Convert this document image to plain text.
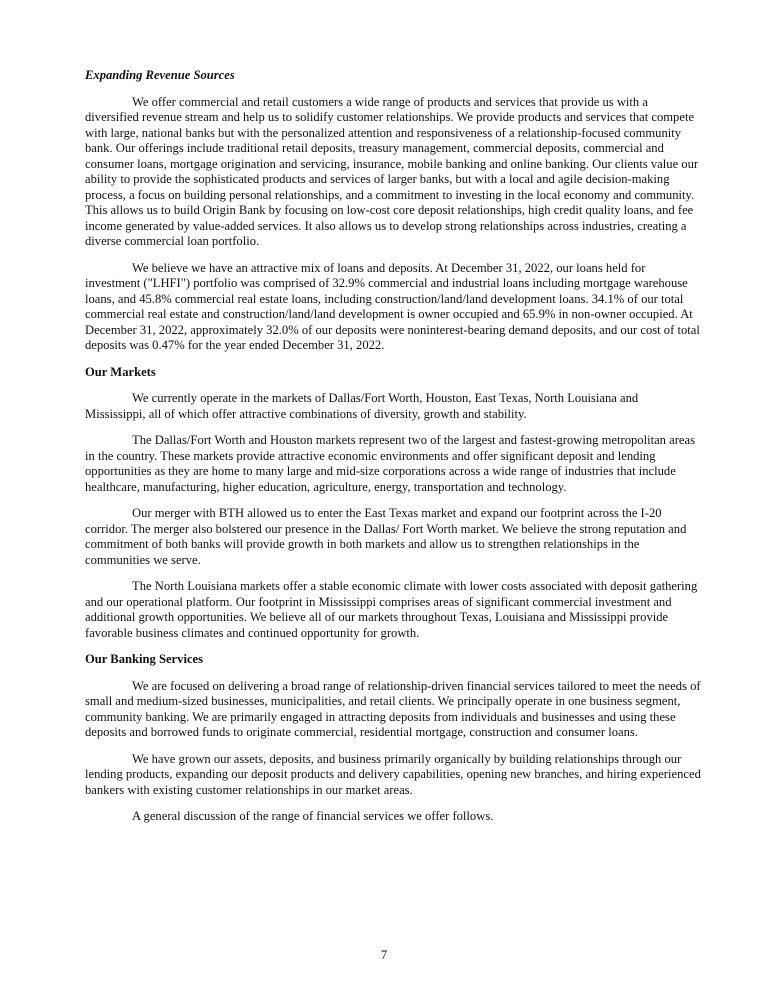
Expanding Revenue Sources

We offer commercial and retail customers a wide range of products and services that provide us with a diversified revenue stream and help us to solidify customer relationships. We provide products and services that compete with large, national banks but with the personalized attention and responsiveness of a relationship-focused community bank. Our offerings include traditional retail deposits, treasury management, commercial deposits, commercial and consumer loans, mortgage origination and servicing, insurance, mobile banking and online banking. Our clients value our ability to provide the sophisticated products and services of larger banks, but with a local and agile decision-making process, a focus on building personal relationships, and a commitment to investing in the local economy and community. This allows us to build Origin Bank by focusing on low-cost core deposit relationships, high credit quality loans, and fee income generated by value-added services. It also allows us to develop strong relationships across industries, creating a diverse commercial loan portfolio.

We believe we have an attractive mix of loans and deposits. At December 31, 2022, our loans held for investment ("LHFI") portfolio was comprised of 32.9% commercial and industrial loans including mortgage warehouse loans, and 45.8% commercial real estate loans, including construction/land/land development loans. 34.1% of our total commercial real estate and construction/land/land development is owner occupied and 65.9% in non-owner occupied. At December 31, 2022, approximately 32.0% of our deposits were noninterest-bearing demand deposits, and our cost of total deposits was 0.47% for the year ended December 31, 2022.

Our Markets

We currently operate in the markets of Dallas/Fort Worth, Houston, East Texas, North Louisiana and Mississippi, all of which offer attractive combinations of diversity, growth and stability.

The Dallas/Fort Worth and Houston markets represent two of the largest and fastest-growing metropolitan areas in the country. These markets provide attractive economic environments and offer significant deposit and lending opportunities as they are home to many large and mid-size corporations across a wide range of industries that include healthcare, manufacturing, higher education, agriculture, energy, transportation and technology.

Our merger with BTH allowed us to enter the East Texas market and expand our footprint across the I-20 corridor. The merger also bolstered our presence in the Dallas/ Fort Worth market. We believe the strong reputation and commitment of both banks will provide growth in both markets and allow us to strengthen relationships in the communities we serve.

The North Louisiana markets offer a stable economic climate with lower costs associated with deposit gathering and our operational platform. Our footprint in Mississippi comprises areas of significant commercial investment and additional growth opportunities. We believe all of our markets throughout Texas, Louisiana and Mississippi provide favorable business climates and continued opportunity for growth.

Our Banking Services

We are focused on delivering a broad range of relationship-driven financial services tailored to meet the needs of small and medium-sized businesses, municipalities, and retail clients. We principally operate in one business segment, community banking. We are primarily engaged in attracting deposits from individuals and businesses and using these deposits and borrowed funds to originate commercial, residential mortgage, construction and consumer loans.

We have grown our assets, deposits, and business primarily organically by building relationships through our lending products, expanding our deposit products and delivery capabilities, opening new branches, and hiring experienced bankers with existing customer relationships in our market areas.

A general discussion of the range of financial services we offer follows.

7
